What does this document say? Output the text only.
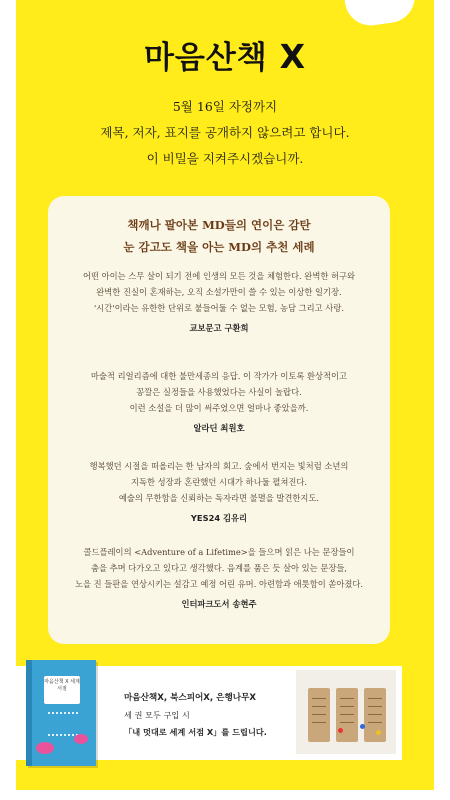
마음산책 X
5월 16일 자정까지
제목, 저자, 표지를 공개하지 않으려고 합니다.
이 비밀을 지켜주시겠습니까.
책깨나 팔아본 MD들의 연이은 감탄
눈 감고도 책을 아는 MD의 추천 세례
어떤 아이는 스무 살이 되기 전에 인생의 모든 것을 체험한다. 완벽한 허구와
완벽한 진실이 혼재하는, 오직 소설가만이 쓸 수 있는 이상한 일기장.
'시간'이라는 유한한 단위로 붙들어둘 수 없는 모험, 농담 그리고 사랑.
교보문고 구환희
마술적 리얼리즘에 대한 불만세종의 응답. 이 작가가 이토록 환상적이고
꽁깔은 실정들을 사용했었다는 사실이 놀랍다.
이런 소설을 더 많이 써주었으면 얼마나 좋았을까.
알라딘 최원호
행복했던 시절을 떠올리는 한 남자의 회고. 숲에서 번지는 빛처럼 소년의
지독한 성장과 혼란했던 시대가 하나둘 펼쳐진다.
예술의 무한함을 신뢰하는 독자라면 불멸을 발견한지도.
YES24 김유리
콜드플레이의 <Adventure of a Lifetime>을 들으며 읽은 나는 문장들이
춤을 추며 다가오고 있다고 생각했다. 음계를 품은 듯 살아 있는 문장들,
노을 진 들판을 연상시키는 설감고 예정 어린 유머. 아련함과 애틋함이 쏟아졌다.
인터파크도서 송현주
마음산책 X 세계 서점
마음산책X, 북스피어X, 은행나무X
세 권 모두 구입 시
「내 멋대로 세계 서점 X」를 드립니다.
